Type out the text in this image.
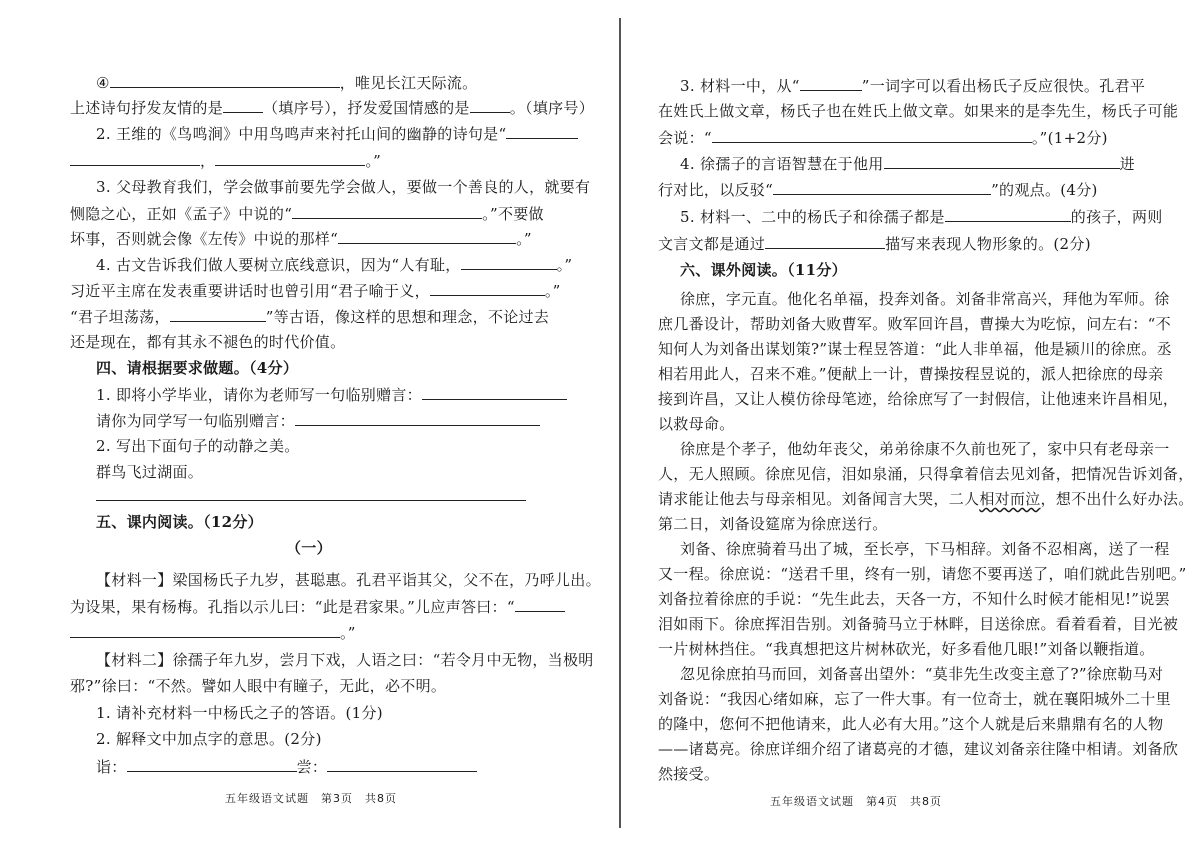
④	，唯见长江天际流。
上述诗句抒发友情的是	（填序号），抒发爱国情感的是	。（填序号）
2. 王维的《鸟鸣涧》中用鸟鸣声来衬托山间的幽静的诗句是“
，	。”
3. 父母教育我们，学会做事前要先学会做人，要做一个善良的人，就要有
恻隐之心，正如《孟子》中说的“	。”不要做
坏事，否则就会像《左传》中说的那样“	。”
4. 古文告诉我们做人要树立底线意识，因为“人有耻，	。”
习近平主席在发表重要讲话时也曾引用“君子喻于义，	。”
“君子坦荡荡，	”等古语，像这样的思想和理念，不论过去
还是现在，都有其永不褪色的时代价值。
四、请根据要求做题。（4分）
1. 即将小学毕业，请你为老师写一句临别赠言：
请你为同学写一句临别赠言：
2. 写出下面句子的动静之美。
群鸟飞过湖面。
五、课内阅读。（12分）
（一）
【材料一】梁国杨氏子九岁，甚聪惠。孔君平诣其父，父不在，乃呼儿出。
为设果，果有杨梅。孔指以示儿曰：“此是君家果。”儿应声答曰：“
。”
【材料二】徐孺子年九岁，尝月下戏，人语之曰：“若令月中无物，当极明
邪?”徐曰：“不然。譬如人眼中有瞳子，无此，必不明。
1. 请补充材料一中杨氏之子的答语。(1分)
2. 解释文中加点字的意思。(2分)
诣：	尝：
五年级语文试题　第3页　共8页
3. 材料一中，从“	”一词字可以看出杨氏子反应很快。孔君平
在姓氏上做文章，杨氏子也在姓氏上做文章。如果来的是李先生，杨氏子可能
会说：“	。”(1+2分)
4. 徐孺子的言语智慧在于他用	进
行对比，以反驳“	”的观点。(4分)
5. 材料一、二中的杨氏子和徐孺子都是	的孩子，两则
文言文都是通过	描写来表现人物形象的。(2分)
六、课外阅读。（11分）
徐庶，字元直。他化名单福，投奔刘备。刘备非常高兴，拜他为军师。徐
庶几番设计，帮助刘备大败曹军。败军回许昌，曹操大为吃惊，问左右：“不
知何人为刘备出谋划策?”谋士程昱答道：“此人非单福，他是颍川的徐庶。丞
相若用此人，召来不难。”便献上一计，曹操按程昱说的，派人把徐庶的母亲
接到许昌，又让人模仿徐母笔迹，给徐庶写了一封假信，让他速来许昌相见，
以救母命。
徐庶是个孝子，他幼年丧父，弟弟徐康不久前也死了，家中只有老母亲一
人，无人照顾。徐庶见信，泪如泉涌，只得拿着信去见刘备，把情况告诉刘备，
请求能让他去与母亲相见。刘备闻言大哭，二人相对而泣，想不出什么好办法。
第二日，刘备设筵席为徐庶送行。
刘备、徐庶骑着马出了城，至长亭，下马相辞。刘备不忍相离，送了一程
又一程。徐庶说：“送君千里，终有一别，请您不要再送了，咱们就此告别吧。”
刘备拉着徐庶的手说：“先生此去，天各一方，不知什么时候才能相见!”说罢
泪如雨下。徐庶挥泪告别。刘备骑马立于林畔，目送徐庶。看着看着，目光被
一片树林挡住。“我真想把这片树林砍光，好多看他几眼!”刘备以鞭指道。
忽见徐庶拍马而回，刘备喜出望外：“莫非先生改变主意了?”徐庶勒马对
刘备说：“我因心绪如麻，忘了一件大事。有一位奇士，就在襄阳城外二十里
的隆中，您何不把他请来，此人必有大用。”这个人就是后来鼎鼎有名的人物
——诸葛亮。徐庶详细介绍了诸葛亮的才德，建议刘备亲往隆中相请。刘备欣
然接受。
五年级语文试题　第4页　共8页
